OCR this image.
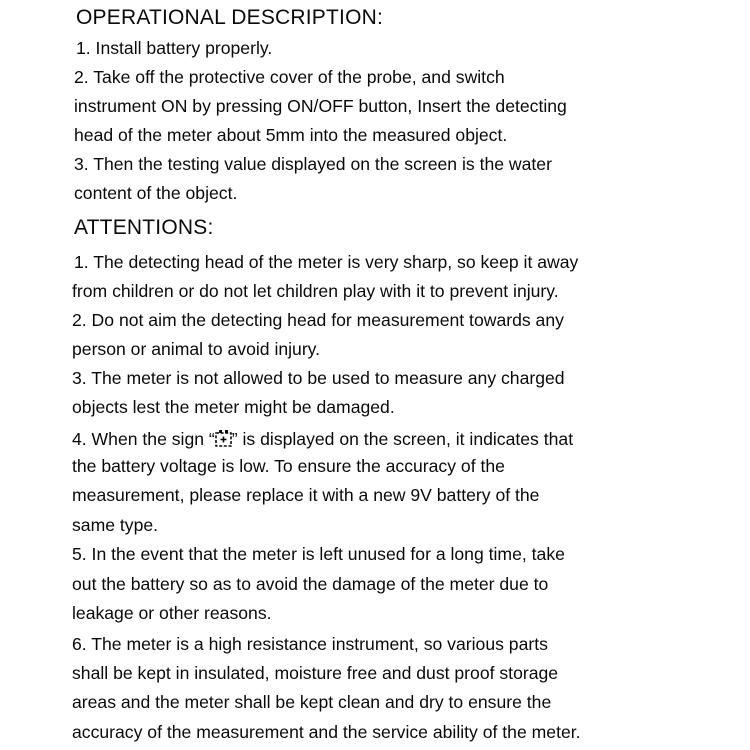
OPERATIONAL DESCRIPTION:
1. Install battery properly.
2. Take off the protective cover of the probe, and switch
instrument ON by pressing ON/OFF button, Insert the detecting
head of the meter about 5mm into the measured object.
3. Then the testing value displayed on the screen is the water
content of the object.
ATTENTIONS:
1. The detecting head of the meter is very sharp, so keep it away
from children or do not let children play with it to prevent injury.
2. Do not aim the detecting head for measurement towards any
person or animal to avoid injury.
3. The meter is not allowed to be used to measure any charged
objects lest the meter might be damaged.
4. When the sign “ ” is displayed on the screen, it indicates that
the battery voltage is low. To ensure the accuracy of the
measurement, please replace it with a new 9V battery of the
same type.
5. In the event that the meter is left unused for a long time, take
out the battery so as to avoid the damage of the meter due to
leakage or other reasons.
6. The meter is a high resistance instrument, so various parts
shall be kept in insulated, moisture free and dust proof storage
areas and the meter shall be kept clean and dry to ensure the
accuracy of the measurement and the service ability of the meter.
